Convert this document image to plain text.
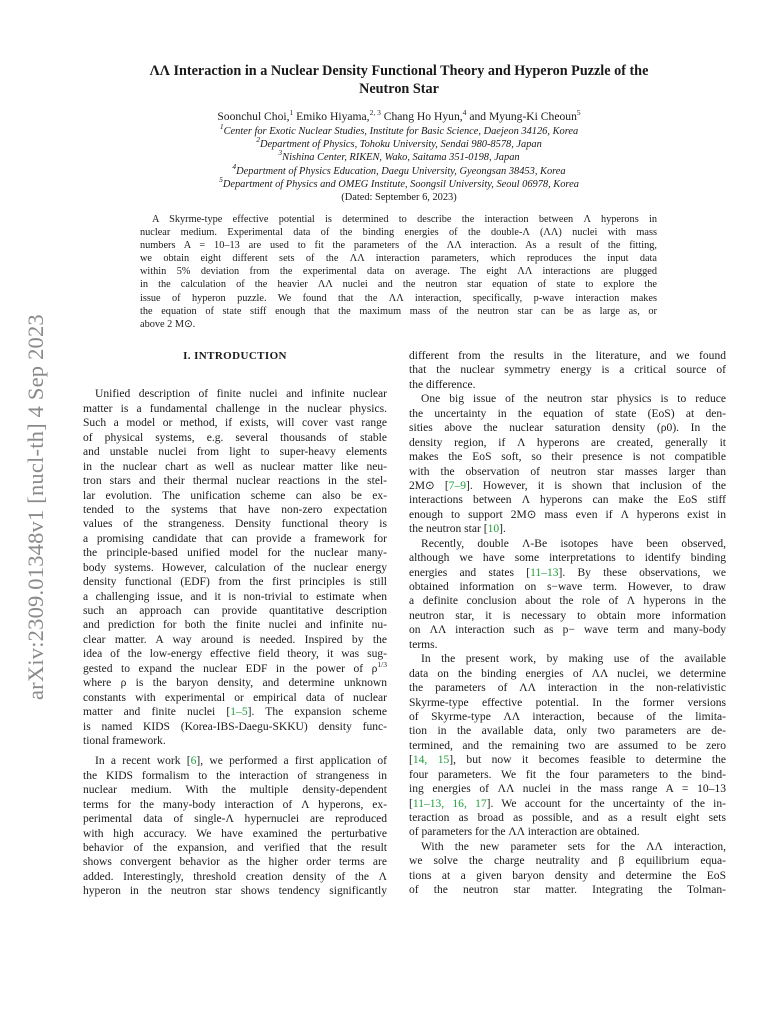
arXiv:2309.01348v1 [nucl-th] 4 Sep 2023
ΛΛ Interaction in a Nuclear Density Functional Theory and Hyperon Puzzle of the
Neutron Star
Soonchul Choi,$^1$ Emiko Hiyama,$^{2, 3}$ Chang Ho Hyun,$^4$ and Myung-Ki Cheoun$^5$
$^1$Center for Exotic Nuclear Studies, Institute for Basic Science, Daejeon 34126, Korea
$^2$Department of Physics, Tohoku University, Sendai 980-8578, Japan
$^3$Nishina Center, RIKEN, Wako, Saitama 351-0198, Japan
$^4$Department of Physics Education, Daegu University, Gyeongsan 38453, Korea
$^5$Department of Physics and OMEG Institute, Soongsil University, Seoul 06978, Korea
(Dated: September 6, 2023)
A Skyrme-type effective potential is determined to describe the interaction between Λ hyperons in
nuclear medium. Experimental data of the binding energies of the double-Λ (ΛΛ) nuclei with mass
numbers A = 10–13 are used to fit the parameters of the ΛΛ interaction. As a result of the fitting,
we obtain eight different sets of the ΛΛ interaction parameters, which reproduces the input data
within 5% deviation from the experimental data on average. The eight ΛΛ interactions are plugged
in the calculation of the heavier ΛΛ nuclei and the neutron star equation of state to explore the
issue of hyperon puzzle. We found that the ΛΛ interaction, specifically, p-wave interaction makes
the equation of state stiff enough that the maximum mass of the neutron star can be as large as, or
above 2 M⊙.
I. INTRODUCTION
Unified description of finite nuclei and infinite nuclear
matter is a fundamental challenge in the nuclear physics.
Such a model or method, if exists, will cover vast range
of physical systems, e.g. several thousands of stable
and unstable nuclei from light to super-heavy elements
in the nuclear chart as well as nuclear matter like neu-
tron stars and their thermal nuclear reactions in the stel-
lar evolution. The unification scheme can also be ex-
tended to the systems that have non-zero expectation
values of the strangeness. Density functional theory is
a promising candidate that can provide a framework for
the principle-based unified model for the nuclear many-
body systems. However, calculation of the nuclear energy
density functional (EDF) from the first principles is still
a challenging issue, and it is non-trivial to estimate when
such an approach can provide quantitative description
and prediction for both the finite nuclei and infinite nu-
clear matter. A way around is needed. Inspired by the
idea of the low-energy effective field theory, it was sug-
gested to expand the nuclear EDF in the power of $\rho^{1/3}$
where ρ is the baryon density, and determine unknown
constants with experimental or empirical data of nuclear
matter and finite nuclei [1–5]. The expansion scheme
is named KIDS (Korea-IBS-Daegu-SKKU) density func-
tional framework.
In a recent work [6], we performed a first application of
the KIDS formalism to the interaction of strangeness in
nuclear medium. With the multiple density-dependent
terms for the many-body interaction of Λ hyperons, ex-
perimental data of single-Λ hypernuclei are reproduced
with high accuracy. We have examined the perturbative
behavior of the expansion, and verified that the result
shows convergent behavior as the higher order terms are
added. Interestingly, threshold creation density of the Λ
hyperon in the neutron star shows tendency significantly
different from the results in the literature, and we found
that the nuclear symmetry energy is a critical source of
the difference.
One big issue of the neutron star physics is to reduce
the uncertainty in the equation of state (EoS) at den-
sities above the nuclear saturation density (ρ0). In the
density region, if Λ hyperons are created, generally it
makes the EoS soft, so their presence is not compatible
with the observation of neutron star masses larger than
2M⊙ [7–9]. However, it is shown that inclusion of the
interactions between Λ hyperons can make the EoS stiff
enough to support 2M⊙ mass even if Λ hyperons exist in
the neutron star [10].
Recently, double Λ-Be isotopes have been observed,
although we have some interpretations to identify binding
energies and states [11–13]. By these observations, we
obtained information on s−wave term. However, to draw
a definite conclusion about the role of Λ hyperons in the
neutron star, it is necessary to obtain more information
on ΛΛ interaction such as p− wave term and many-body
terms.
In the present work, by making use of the available
data on the binding energies of ΛΛ nuclei, we determine
the parameters of ΛΛ interaction in the non-relativistic
Skyrme-type effective potential. In the former versions
of Skyrme-type ΛΛ interaction, because of the limita-
tion in the available data, only two parameters are de-
termined, and the remaining two are assumed to be zero
[14, 15], but now it becomes feasible to determine the
four parameters. We fit the four parameters to the bind-
ing energies of ΛΛ nuclei in the mass range A = 10–13
[11–13, 16, 17]. We account for the uncertainty of the in-
teraction as broad as possible, and as a result eight sets
of parameters for the ΛΛ interaction are obtained.
With the new parameter sets for the ΛΛ interaction,
we solve the charge neutrality and β equilibrium equa-
tions at a given baryon density and determine the EoS
of the neutron star matter. Integrating the Tolman-
